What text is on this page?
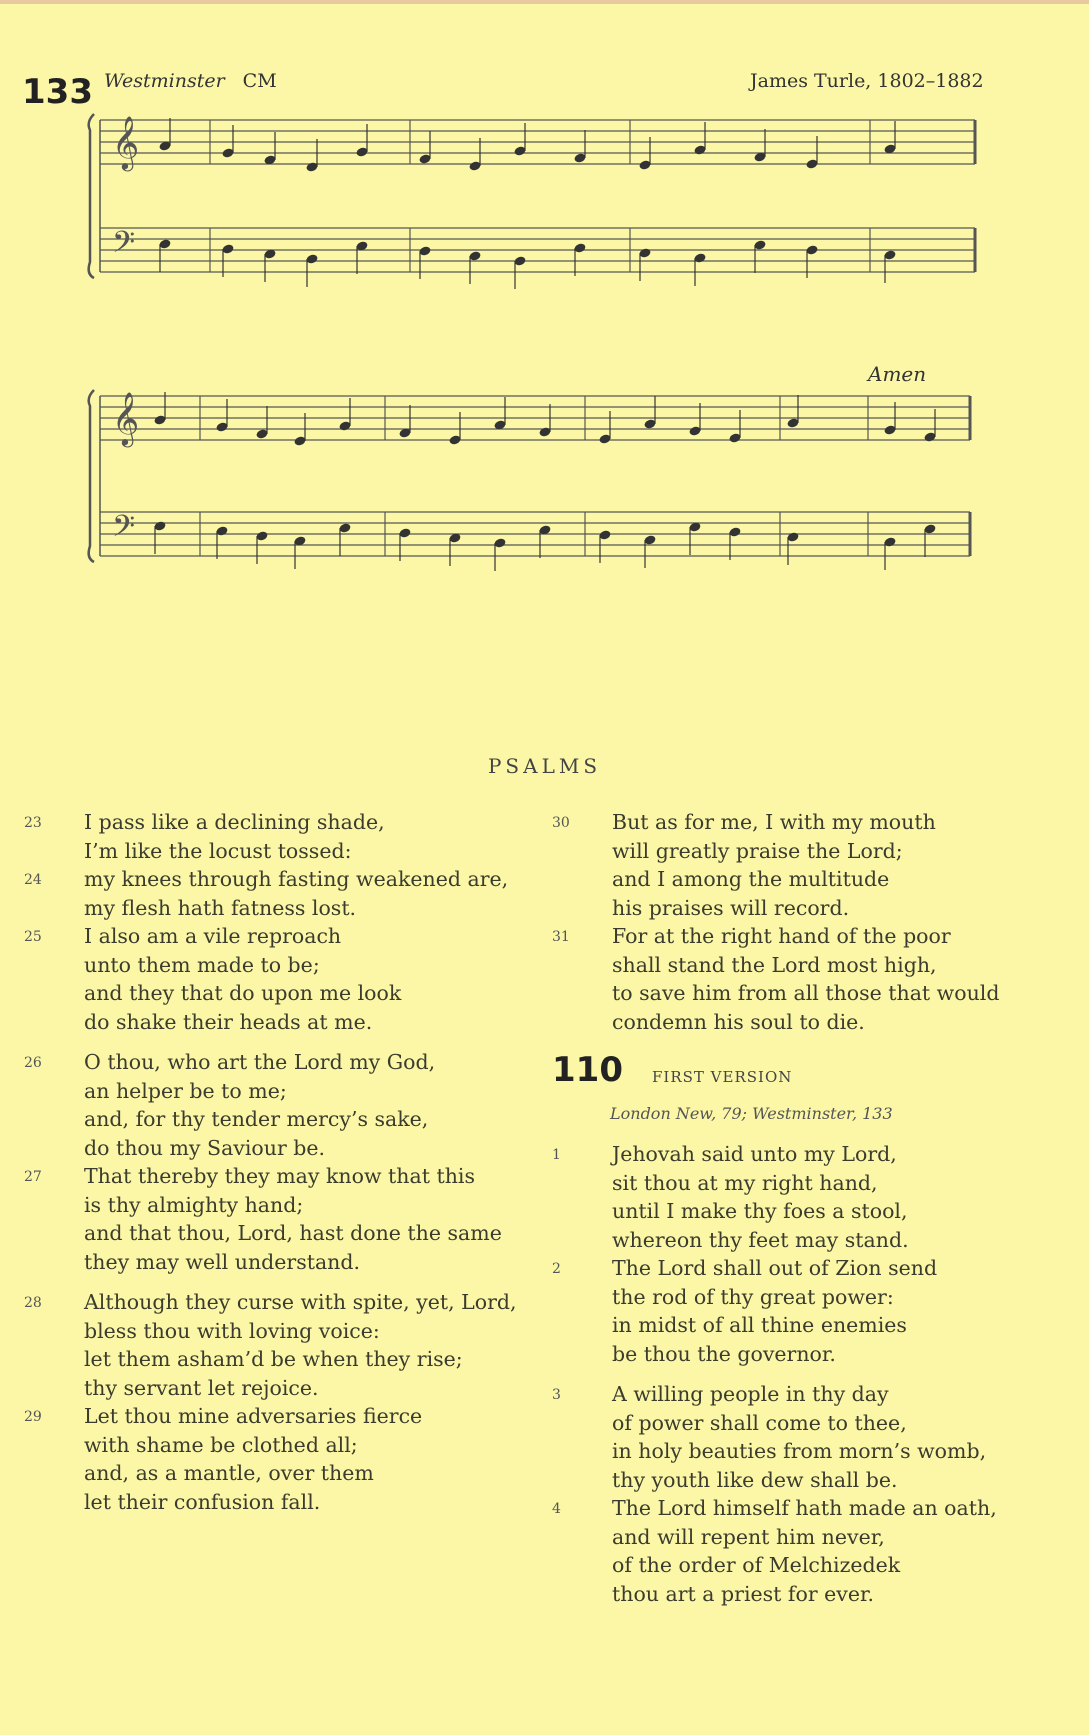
133 Westminster CM	James Turle, 1802–1882
Amen
𝄞
𝄢
𝄞
𝄢
PSALMS
23 I pass like a declining shade,
I’m like the locust tossed:
24 my knees through fasting weakened are,
my flesh hath fatness lost.
25 I also am a vile reproach
unto them made to be;
and they that do upon me look
do shake their heads at me.
26 O thou, who art the Lord my God,
an helper be to me;
and, for thy tender mercy’s sake,
do thou my Saviour be.
27 That thereby they may know that this
is thy almighty hand;
and that thou, Lord, hast done the same
they may well understand.
28 Although they curse with spite, yet, Lord,
bless thou with loving voice:
let them asham’d be when they rise;
thy servant let rejoice.
29 Let thou mine adversaries fierce
with shame be clothed all;
and, as a mantle, over them
let their confusion fall.
30 But as for me, I with my mouth
will greatly praise the Lord;
and I among the multitude
his praises will record.
31 For at the right hand of the poor
shall stand the Lord most high,
to save him from all those that would
condemn his soul to die.
110 FIRST VERSION
London New, 79; Westminster, 133
1 Jehovah said unto my Lord,
sit thou at my right hand,
until I make thy foes a stool,
whereon thy feet may stand.
2 The Lord shall out of Zion send
the rod of thy great power:
in midst of all thine enemies
be thou the governor.
3 A willing people in thy day
of power shall come to thee,
in holy beauties from morn’s womb,
thy youth like dew shall be.
4 The Lord himself hath made an oath,
and will repent him never,
of the order of Melchizedek
thou art a priest for ever.
